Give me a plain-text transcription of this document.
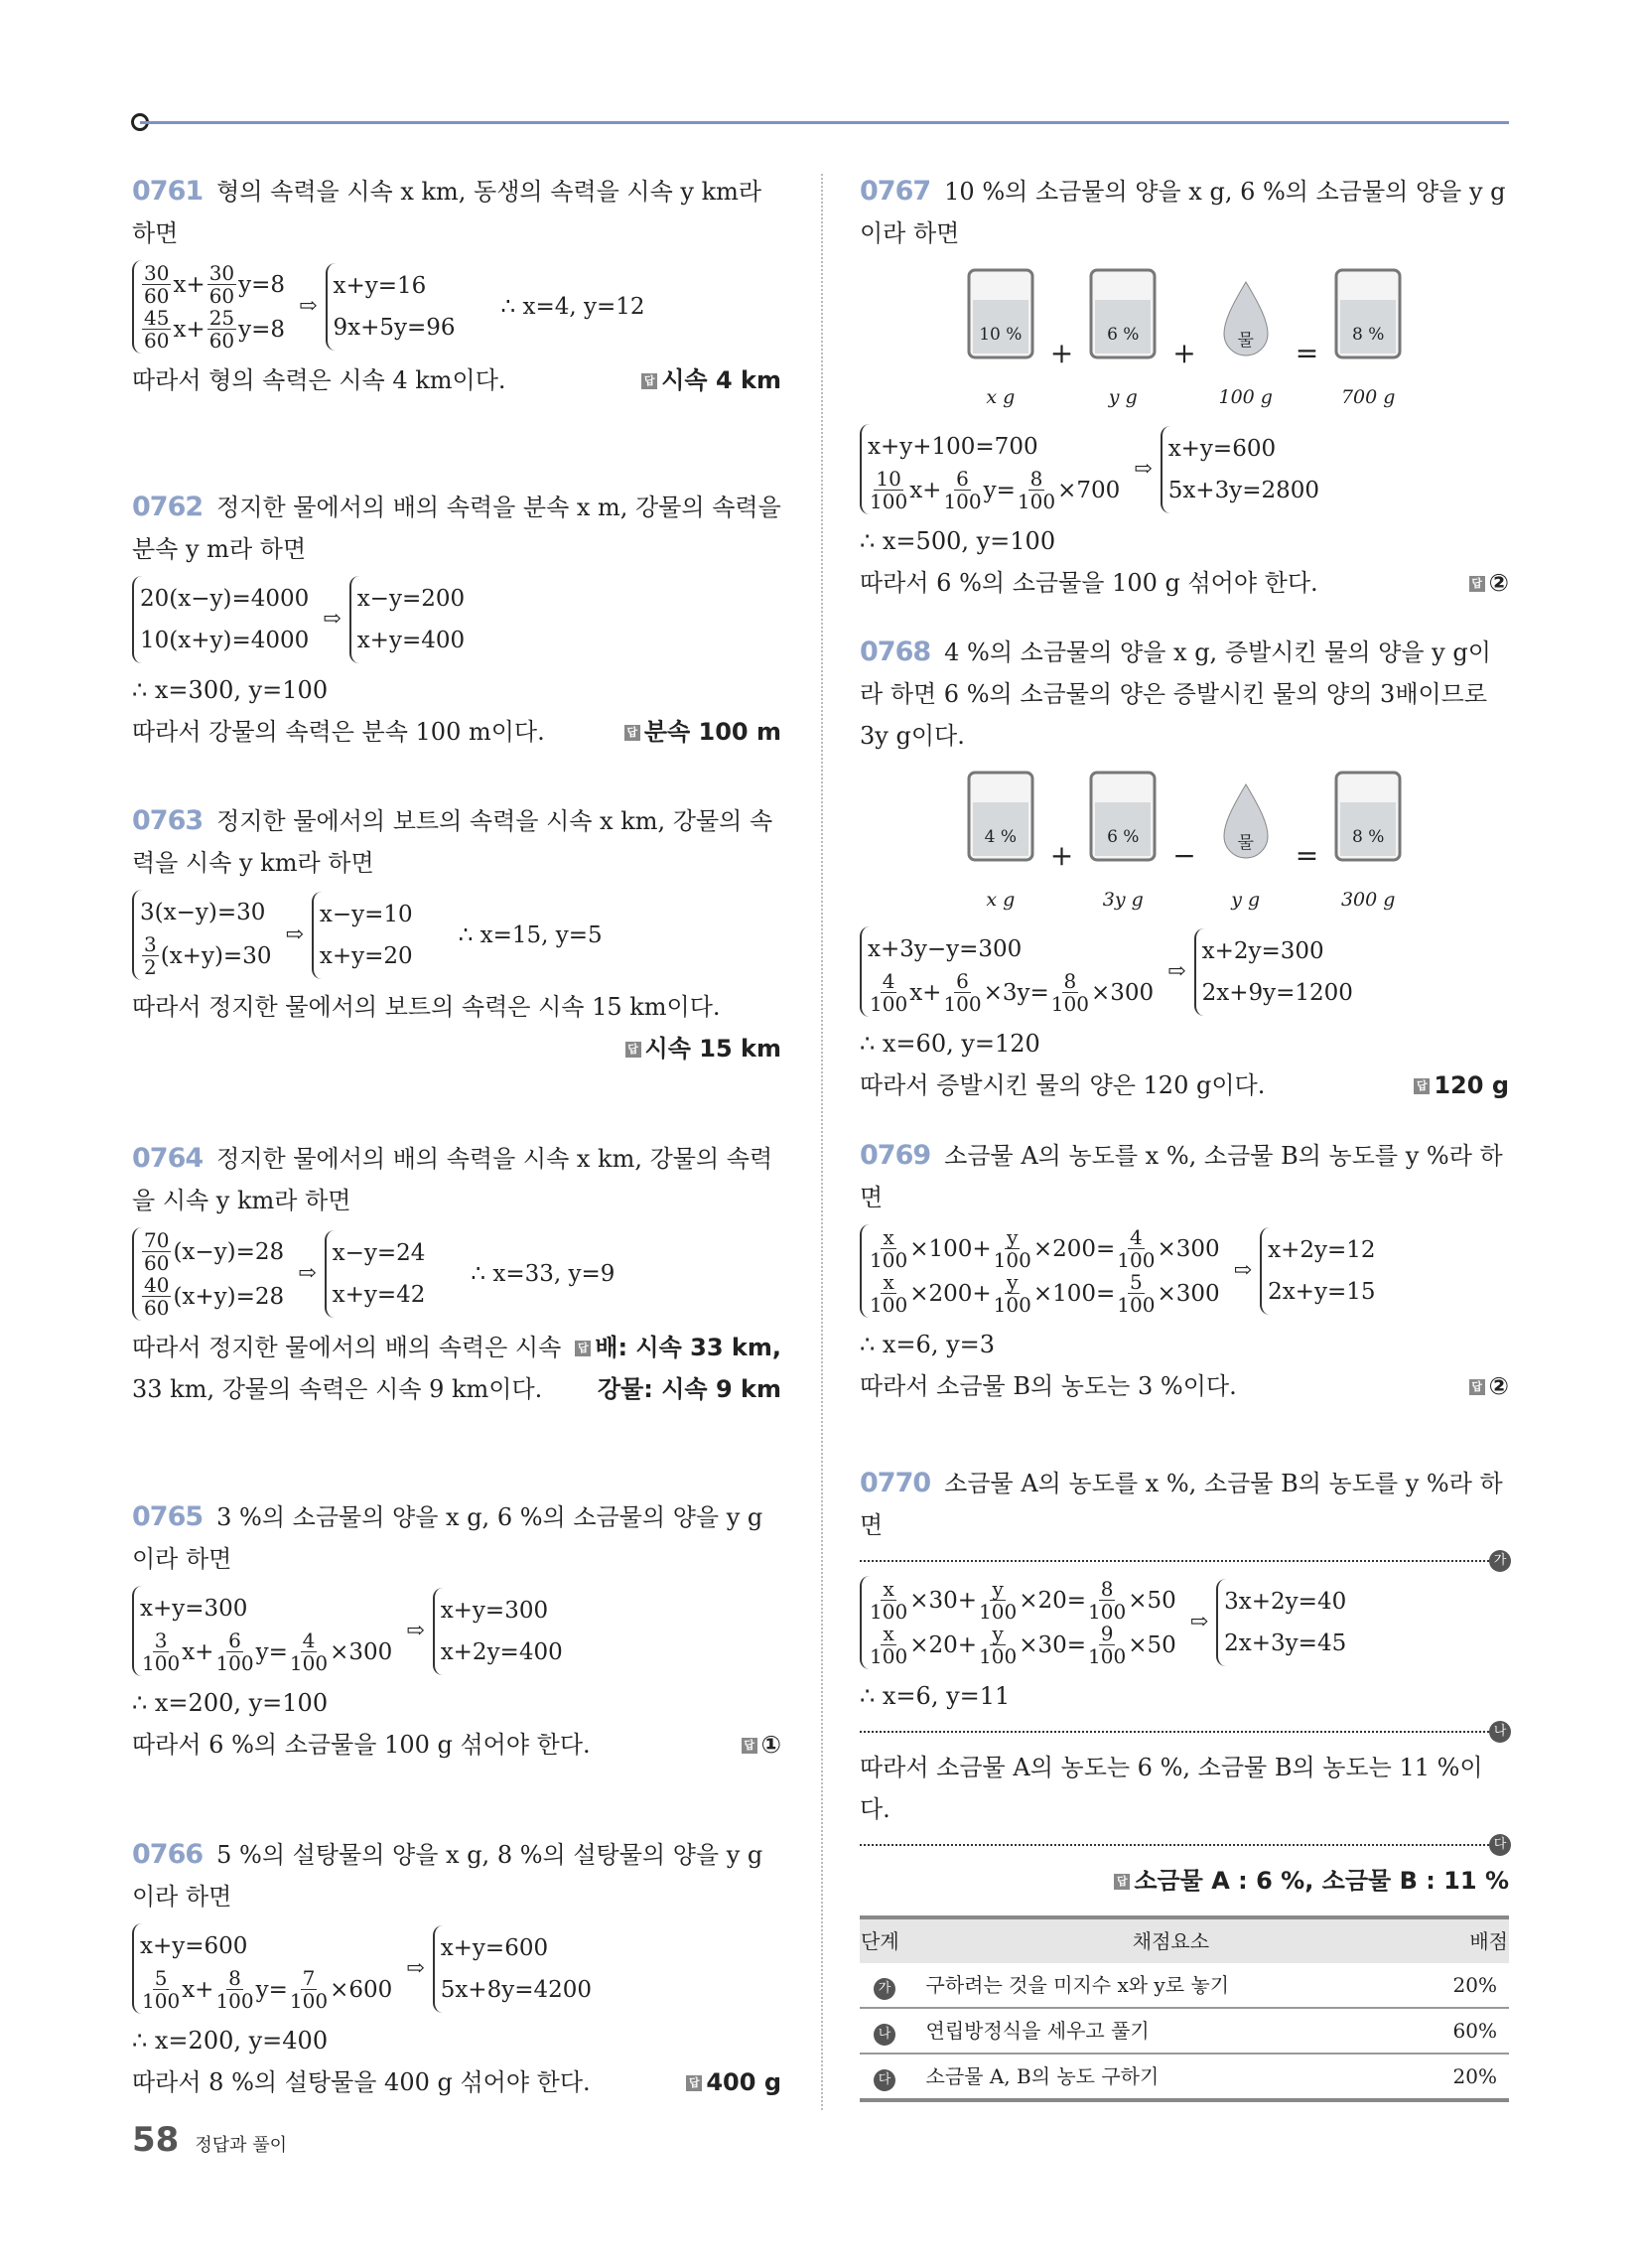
0761 형의 속력을 시속 x km, 동생의 속력을 시속 y km라 하면
$\frac{30}{60} x+ \frac{30}{60} y=8$
$\frac{45}{60} x+ \frac{25}{60} y=8$
⇨
x+y=16
9x+5y=96
∴ x=4, y=12
따라서 형의 속력은 시속 4 km이다.	답 시속 4 km
0762 정지한 물에서의 배의 속력을 분속 x m, 강물의 속력을 분속 y m라 하면
20(x−y)=4000
10(x+y)=4000
⇨
x−y=200
x+y=400
∴ x=300, y=100
따라서 강물의 속력은 분속 100 m이다.	답 분속 100 m
0763 정지한 물에서의 보트의 속력을 시속 x km, 강물의 속력을 시속 y km라 하면
3(x−y)=30
$\frac{3}{2} (x+y)=30$
⇨
x−y=10
x+y=20
∴ x=15, y=5
따라서 정지한 물에서의 보트의 속력은 시속 15 km이다.
답 시속 15 km
0764 정지한 물에서의 배의 속력을 시속 x km, 강물의 속력을 시속 y km라 하면
$\frac{70}{60} (x-y)=28$
$\frac{40}{60} (x+y)=28$
⇨
x−y=24
x+y=42
∴ x=33, y=9
따라서 정지한 물에서의 배의 속력은 시속 33 km, 강물의 속력은 시속 9 km이다.
답 배: 시속 33 km, 강물: 시속 9 km
0765 3 %의 소금물의 양을 x g, 6 %의 소금물의 양을 y g이라 하면
x+y=300
$\frac{3}{100} x+ \frac{6}{100} y= \frac{4}{100} \times 300$
⇨
x+y=300
x+2y=400
∴ x=200, y=100
따라서 6 %의 소금물을 100 g 섞어야 한다.	답 ①
0766 5 %의 설탕물의 양을 x g, 8 %의 설탕물의 양을 y g이라 하면
x+y=600
$\frac{5}{100} x+ \frac{8}{100} y= \frac{7}{100} \times 600$
⇨
x+y=600
5x+8y=4200
∴ x=200, y=400
따라서 8 %의 설탕물을 400 g 섞어야 한다.	답 400 g
0767 10 %의 소금물의 양을 x g, 6 %의 소금물의 양을 y g이라 하면
10 %
x g
+
6 %
y g
+	물
100 g
=
8 %
700 g
x+y+100=700
$\frac{10}{100} x+ \frac{6}{100} y= \frac{8}{100} \times 700$
⇨
x+y=600
5x+3y=2800
∴ x=500, y=100
따라서 6 %의 소금물을 100 g 섞어야 한다.	답 ②
0768 4 %의 소금물의 양을 x g, 증발시킨 물의 양을 y g이라 하면 6 %의 소금물의 양은 증발시킨 물의 양의 3배이므로 3y g이다.
4 %
x g
+
6 %
3y g
−	물
y g
=
8 %
300 g
x+3y−y=300
$\frac{4}{100} x+ \frac{6}{100} \times 3y= \frac{8}{100} \times 300$
⇨
x+2y=300
2x+9y=1200
∴ x=60, y=120
따라서 증발시킨 물의 양은 120 g이다.	답 120 g
0769 소금물 A의 농도를 x %, 소금물 B의 농도를 y %라 하면
$\frac{x}{100} \times 100+ \frac{y}{100} \times 200= \frac{4}{100} \times 300$
$\frac{x}{100} \times 200+ \frac{y}{100} \times 100= \frac{5}{100} \times 300$
⇨
x+2y=12
2x+y=15
∴ x=6, y=3
따라서 소금물 B의 농도는 3 %이다.	답 ②
0770 소금물 A의 농도를 x %, 소금물 B의 농도를 y %라 하면
가
$\frac{x}{100} \times 30+ \frac{y}{100} \times 20= \frac{8}{100} \times 50$
$\frac{x}{100} \times 20+ \frac{y}{100} \times 30= \frac{9}{100} \times 50$
⇨
3x+2y=40
2x+3y=45
∴ x=6, y=11
나
따라서 소금물 A의 농도는 6 %, 소금물 B의 농도는 11 %이다.
다
답 소금물 A : 6 %, 소금물 B : 11 %
단계	채점요소	배점
가	구하려는 것을 미지수 x와 y로 놓기	20%
나	연립방정식을 세우고 풀기	60%
다	소금물 A, B의 농도 구하기	20%
58 정답과 풀이
